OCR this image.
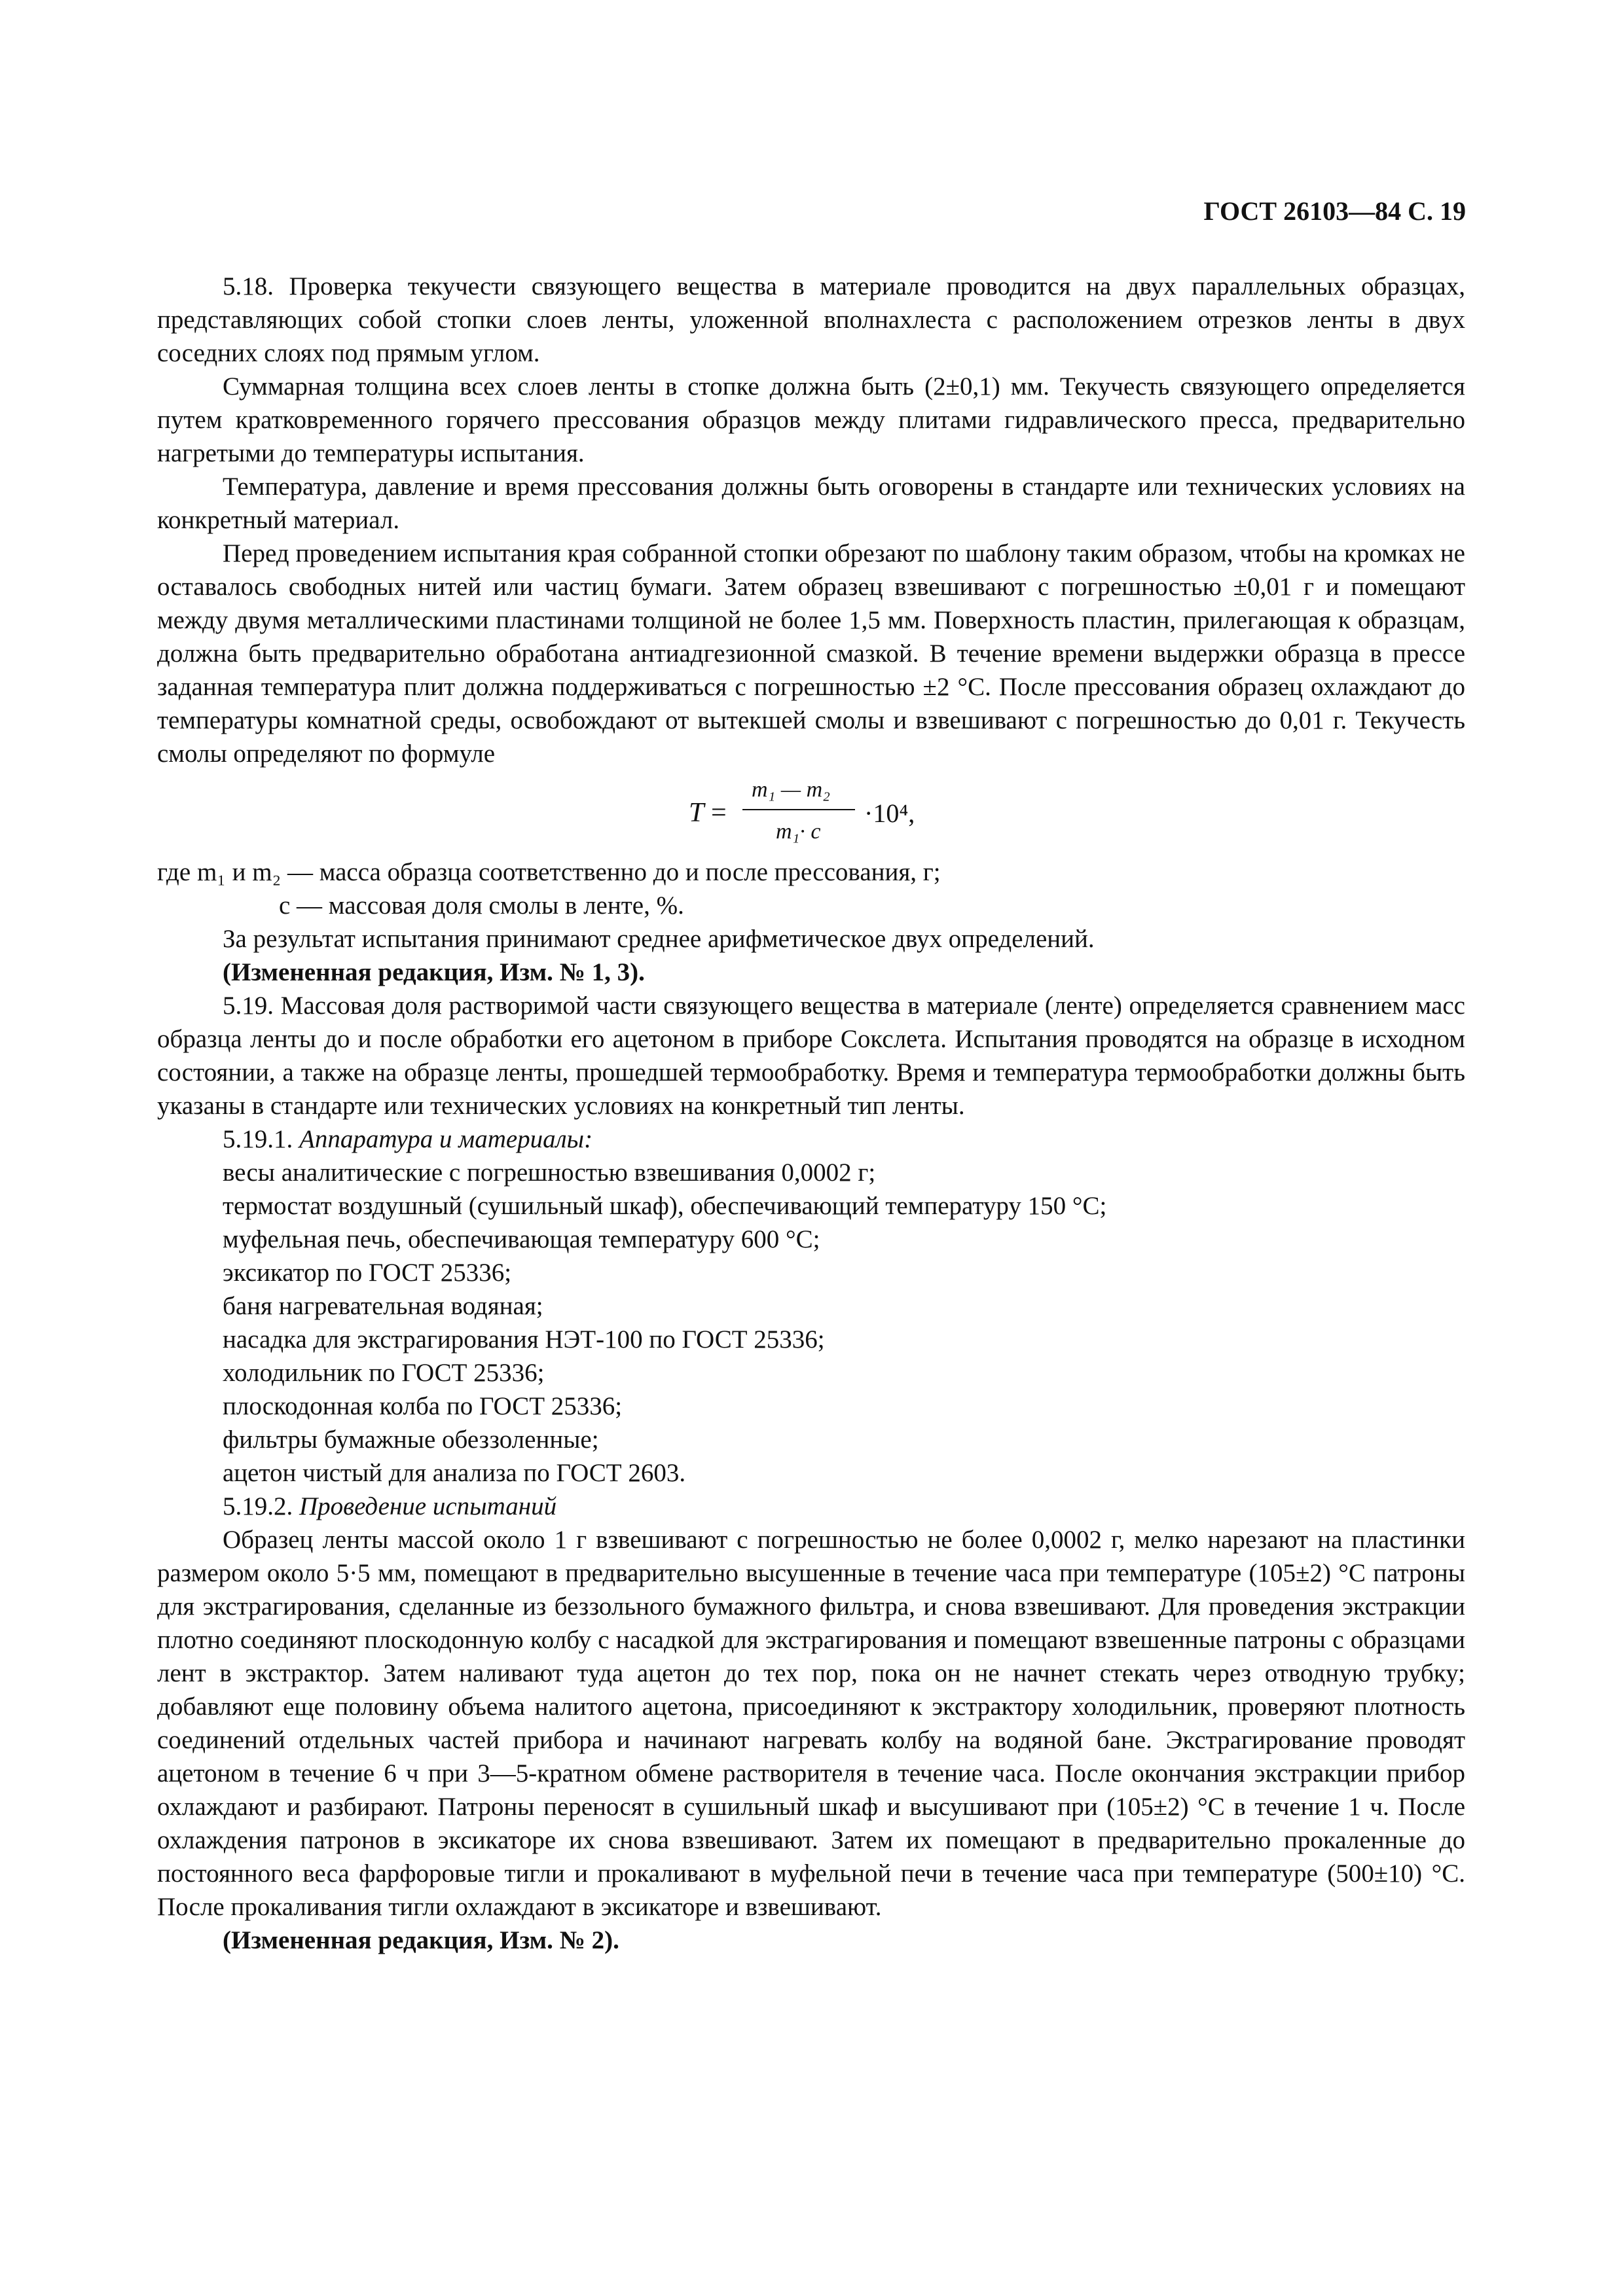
ГОСТ 26103—84 С. 19

5.18. Проверка текучести связующего вещества в материале проводится на двух параллельных образцах, представляющих собой стопки слоев ленты, уложенной вполнахлеста с расположением отрезков ленты в двух соседних слоях под прямым углом.

Суммарная толщина всех слоев ленты в стопке должна быть (2±0,1) мм. Текучесть связующего определяется путем кратковременного горячего прессования образцов между плитами гидравлического пресса, предварительно нагретыми до температуры испытания.

Температура, давление и время прессования должны быть оговорены в стандарте или технических условиях на конкретный материал.

Перед проведением испытания края собранной стопки обрезают по шаблону таким образом, чтобы на кромках не оставалось свободных нитей или частиц бумаги. Затем образец взвешивают с погрешностью ±0,01 г и помещают между двумя металлическими пластинами толщиной не более 1,5 мм. Поверхность пластин, прилегающая к образцам, должна быть предварительно обработана антиадгезионной смазкой. В течение времени выдержки образца в прессе заданная температура плит должна поддерживаться с погрешностью ±2 °С. После прессования образец охлаждают до температуры комнатной среды, освобождают от вытекшей смолы и взвешивают с погрешностью до 0,01 г. Текучесть смолы определяют по формуле

T =
m₁ — m₂
m₁· c
·10⁴,

где m₁ и m₂ — масса образца соответственно до и после прессования, г;

c — массовая доля смолы в ленте, %.

За результат испытания принимают среднее арифметическое двух определений.

(Измененная редакция, Изм. № 1, 3).

5.19. Массовая доля растворимой части связующего вещества в материале (ленте) определяется сравнением масс образца ленты до и после обработки его ацетоном в приборе Сокслета. Испытания проводятся на образце в исходном состоянии, а также на образце ленты, прошедшей термообработку. Время и температура термообработки должны быть указаны в стандарте или технических условиях на конкретный тип ленты.

5.19.1. Аппаратура и материалы:

весы аналитические с погрешностью взвешивания 0,0002 г;
термостат воздушный (сушильный шкаф), обеспечивающий температуру 150 °С;
муфельная печь, обеспечивающая температуру 600 °С;
эксикатор по ГОСТ 25336;
баня нагревательная водяная;
насадка для экстрагирования НЭТ-100 по ГОСТ 25336;
холодильник по ГОСТ 25336;
плоскодонная колба по ГОСТ 25336;
фильтры бумажные обеззоленные;
ацетон чистый для анализа по ГОСТ 2603.

5.19.2. Проведение испытаний

Образец ленты массой около 1 г взвешивают с погрешностью не более 0,0002 г, мелко нарезают на пластинки размером около 5·5 мм, помещают в предварительно высушенные в течение часа при температуре (105±2) °С патроны для экстрагирования, сделанные из беззольного бумажного фильтра, и снова взвешивают. Для проведения экстракции плотно соединяют плоскодонную колбу с насадкой для экстрагирования и помещают взвешенные патроны с образцами лент в экстрактор. Затем наливают туда ацетон до тех пор, пока он не начнет стекать через отводную трубку; добавляют еще половину объема налитого ацетона, присоединяют к экстрактору холодильник, проверяют плотность соединений отдельных частей прибора и начинают нагревать колбу на водяной бане. Экстрагирование проводят ацетоном в течение 6 ч при 3—5-кратном обмене растворителя в течение часа. После окончания экстракции прибор охлаждают и разбирают. Патроны переносят в сушильный шкаф и высушивают при (105±2) °С в течение 1 ч. После охлаждения патронов в эксикаторе их снова взвешивают. Затем их помещают в предварительно прокаленные до постоянного веса фарфоровые тигли и прокаливают в муфельной печи в течение часа при температуре (500±10) °С. После прокаливания тигли охлаждают в эксикаторе и взвешивают.

(Измененная редакция, Изм. № 2).
